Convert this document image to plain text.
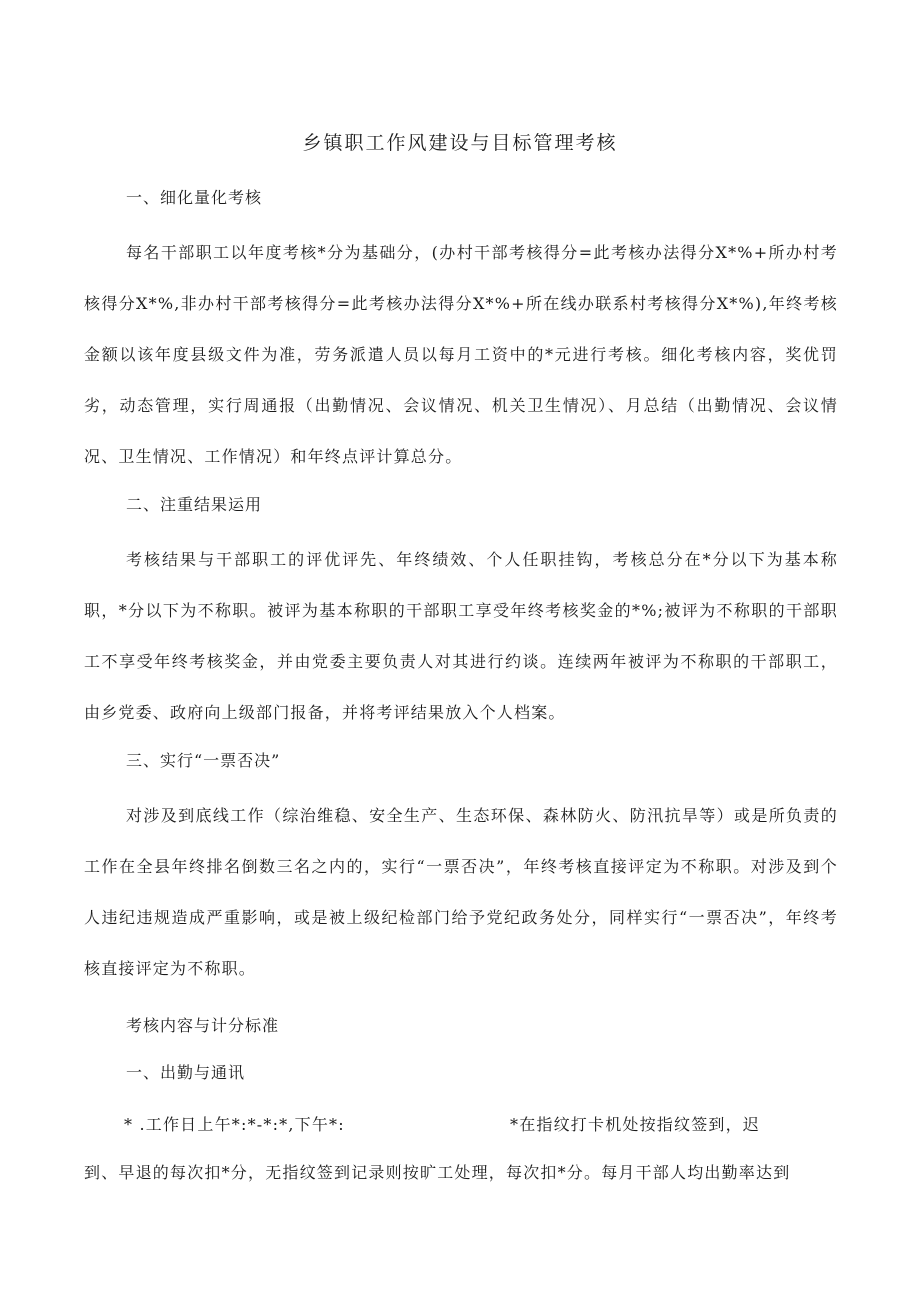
乡镇职工作风建设与目标管理考核
一、细化量化考核
每名干部职工以年度考核*分为基础分，(办村干部考核得分=此考核办法得分X*%+所办村考核得分X*%,非办村干部考核得分=此考核办法得分X*%+所在线办联系村考核得分X*%),年终考核金额以该年度县级文件为准，劳务派遣人员以每月工资中的*元进行考核。细化考核内容，奖优罚劣，动态管理，实行周通报（出勤情况、会议情况、机关卫生情况）、月总结（出勤情况、会议情况、卫生情况、工作情况）和年终点评计算总分。
二、注重结果运用
考核结果与干部职工的评优评先、年终绩效、个人任职挂钩，考核总分在*分以下为基本称职，*分以下为不称职。被评为基本称职的干部职工享受年终考核奖金的*%;被评为不称职的干部职工不享受年终考核奖金，并由党委主要负责人对其进行约谈。连续两年被评为不称职的干部职工，由乡党委、政府向上级部门报备，并将考评结果放入个人档案。
三、实行“一票否决”
对涉及到底线工作（综治维稳、安全生产、生态环保、森林防火、防汛抗旱等）或是所负责的工作在全县年终排名倒数三名之内的，实行“一票否决”，年终考核直接评定为不称职。对涉及到个人违纪违规造成严重影响，或是被上级纪检部门给予党纪政务处分，同样实行“一票否决”，年终考核直接评定为不称职。
考核内容与计分标准
一、出勤与通讯
* .工作日上午*:*-*:*,下午*:	*在指纹打卡机处按指纹签到，迟
到、早退的每次扣*分，无指纹签到记录则按旷工处理，每次扣*分。每月干部人均出勤率达到
